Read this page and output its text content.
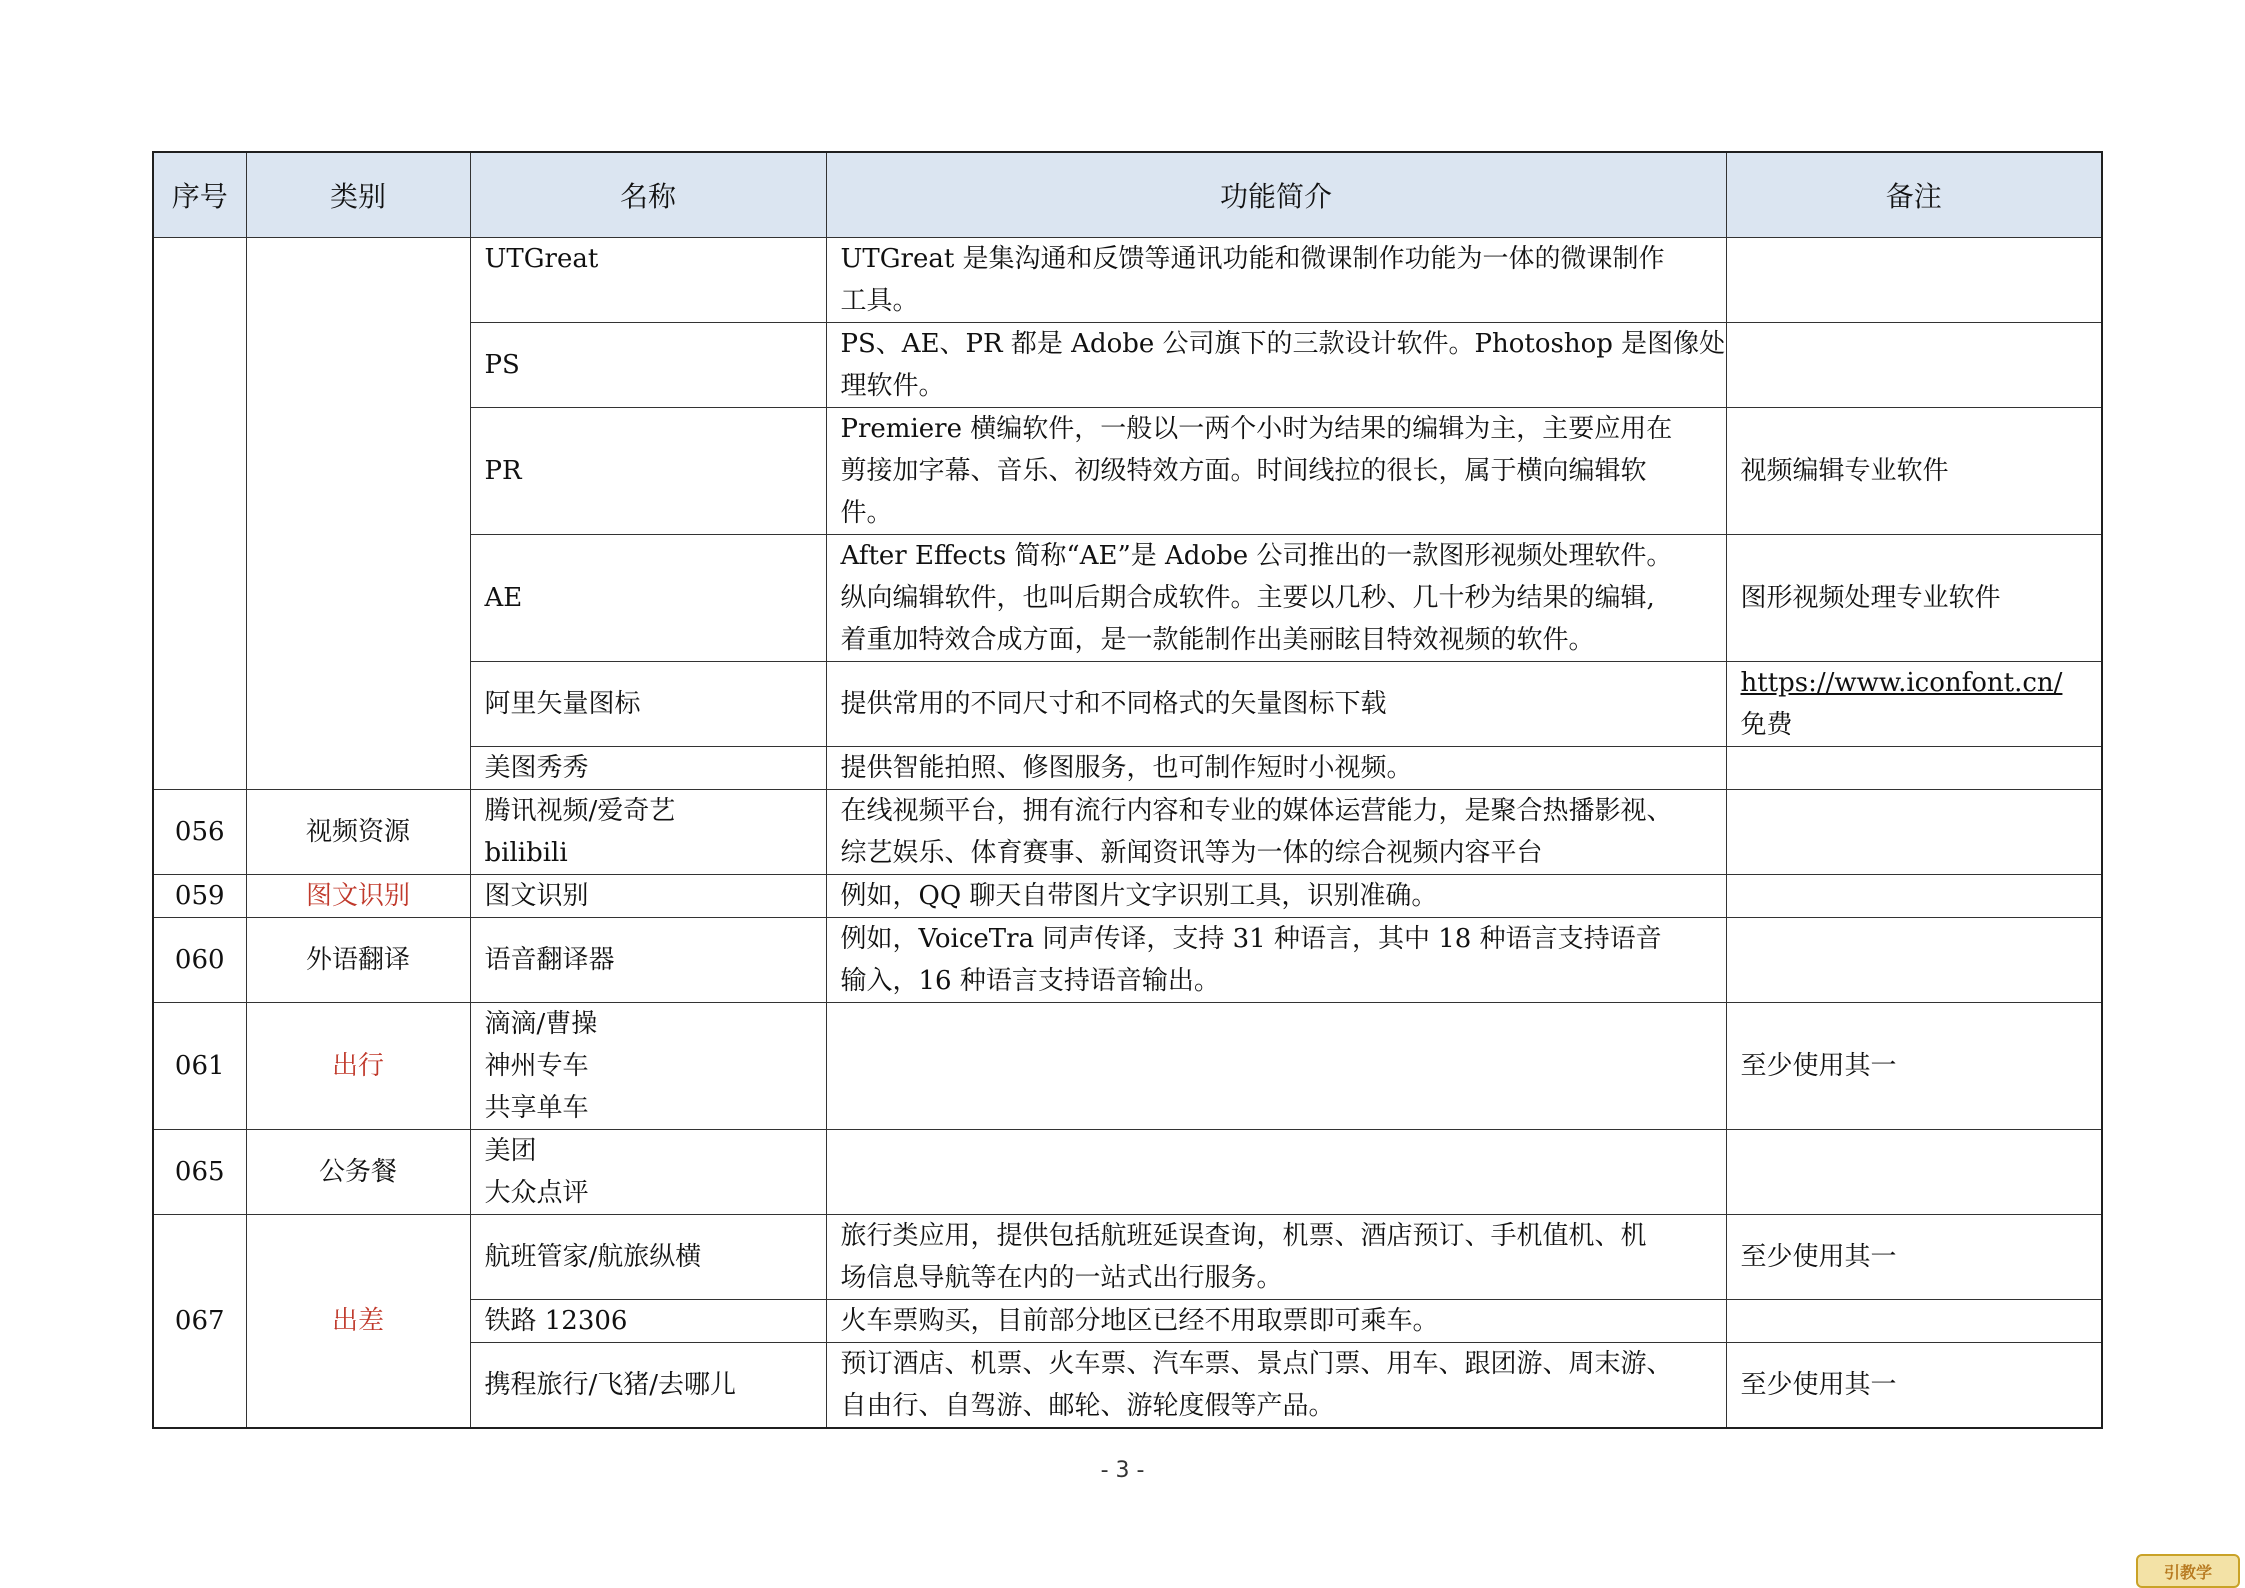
序号	类别	名称	功能简介	备注

		UTGreat	UTGreat 是集沟通和反馈等通讯功能和微课制作功能为一体的微课制作
工具。	

		PS	PS、AE、PR 都是 Adobe 公司旗下的三款设计软件。Photoshop 是图像处
理软件。	

		PR	Premiere 横编软件，一般以一两个小时为结果的编辑为主，主要应用在
剪接加字幕、音乐、初级特效方面。时间线拉的很长，属于横向编辑软
件。	视频编辑专业软件

		AE	After Effects 简称“AE”是 Adobe 公司推出的一款图形视频处理软件。
纵向编辑软件，也叫后期合成软件。主要以几秒、几十秒为结果的编辑,
着重加特效合成方面，是一款能制作出美丽眩目特效视频的软件。	图形视频处理专业软件

		阿里矢量图标	提供常用的不同尺寸和不同格式的矢量图标下载	https://www.iconfont.cn/
免费

		美图秀秀	提供智能拍照、修图服务，也可制作短时小视频。	

056	视频资源	腾讯视频/爱奇艺
bilibili	在线视频平台，拥有流行内容和专业的媒体运营能力，是聚合热播影视、
综艺娱乐、体育赛事、新闻资讯等为一体的综合视频内容平台	

059	图文识别	图文识别	例如，QQ 聊天自带图片文字识别工具，识别准确。	

060	外语翻译	语音翻译器	例如，VoiceTra 同声传译，支持 31 种语言，其中 18 种语言支持语音
输入，16 种语言支持语音输出。	

061	出行	滴滴/曹操
神州专车
共享单车		至少使用其一

065	公务餐	美团
大众点评		

067	出差	航班管家/航旅纵横	旅行类应用，提供包括航班延误查询，机票、酒店预订、手机值机、机
场信息导航等在内的一站式出行服务。	至少使用其一

		铁路 12306	火车票购买，目前部分地区已经不用取票即可乘车。	

		携程旅行/飞猪/去哪儿	预订酒店、机票、火车票、汽车票、景点门票、用车、跟团游、周末游、
自由行、自驾游、邮轮、游轮度假等产品。	至少使用其一
- 3 -
引教学
